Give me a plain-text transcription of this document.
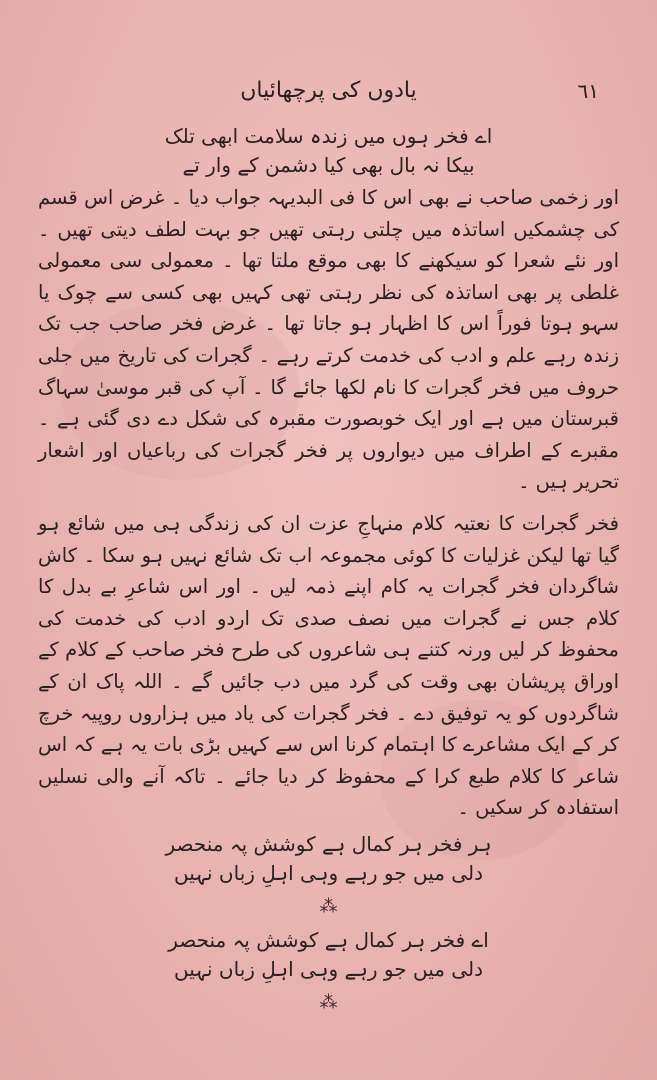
یادوں کی پرچھائیاں	٦١

اے فخر ہوں میں زندہ سلامت ابھی تلک

بیکا نہ بال بھی کیا دشمن کے وار تے

اور زخمی صاحب نے بھی اس کا فی البدیہہ جواب دیا ۔ غرض اس قسم کی چشمکیں اساتذہ میں چلتی رہتی تھیں جو بہت لطف دیتی تھیں ۔ اور نئے شعرا کو سیکھنے کا بھی موقع ملتا تھا ۔ معمولی سی معمولی غلطی پر بھی اساتذہ کی نظر رہتی تھی کہیں بھی کسی سے چوک یا سہو ہوتا فوراً اس کا اظہار ہو جاتا تھا ۔ غرض فخر صاحب جب تک زندہ رہے علم و ادب کی خدمت کرتے رہے ۔ گجرات کی تاریخ میں جلی حروف میں فخر گجرات کا نام لکھا جائے گا ۔ آپ کی قبر موسیٰ سہاگ قبرستان میں ہے اور ایک خوبصورت مقبرہ کی شکل دے دی گئی ہے ۔ مقبرے کے اطراف میں دیواروں پر فخر گجرات کی رباعیاں اور اشعار تحریر ہیں ۔

فخر گجرات کا نعتیہ کلام منہاجِ عزت ان کی زندگی ہی میں شائع ہو گیا تھا لیکن غزلیات کا کوئی مجموعہ اب تک شائع نہیں ہو سکا ۔ کاش شاگردان فخر گجرات یہ کام اپنے ذمہ لیں ۔ اور اس شاعرِ بے بدل کا کلام جس نے گجرات میں نصف صدی تک اردو ادب کی خدمت کی محفوظ کر لیں ورنہ کتنے ہی شاعروں کی طرح فخر صاحب کے کلام کے اوراق پریشان بھی وقت کی گرد میں دب جائیں گے ۔ اللہ پاک ان کے شاگردوں کو یہ توفیق دے ۔ فخر گجرات کی یاد میں ہزاروں روپیہ خرچ کر کے ایک مشاعرے کا اہتمام کرنا اس سے کہیں بڑی بات یہ ہے کہ اس شاعر کا کلام طبع کرا کے محفوظ کر دیا جائے ۔ تاکہ آنے والی نسلیں استفادہ کر سکیں ۔

ہر فخر ہر کمال ہے کوشش پہ منحصر

دلی میں جو رہے وہی اہلِ زباں نہیں

⁂

اے فخر ہر کمال ہے کوشش پہ منحصر

دلی میں جو رہے وہی اہلِ زباں نہیں

⁂
